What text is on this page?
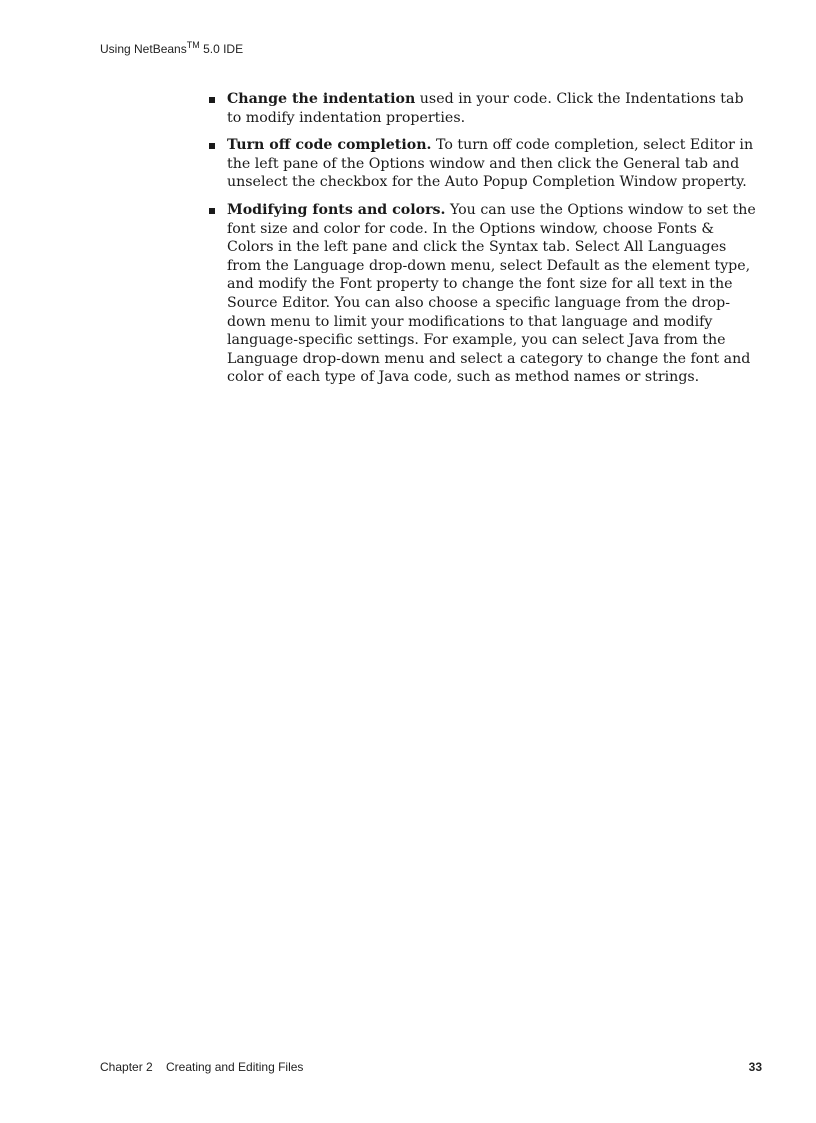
Using NetBeans™ 5.0 IDE
Change the indentation used in your code. Click the Indentations tab to modify indentation properties.
Turn off code completion. To turn off code completion, select Editor in the left pane of the Options window and then click the General tab and unselect the checkbox for the Auto Popup Completion Window property.
Modifying fonts and colors. You can use the Options window to set the font size and color for code. In the Options window, choose Fonts & Colors in the left pane and click the Syntax tab. Select All Languages from the Language drop-down menu, select Default as the element type, and modify the Font property to change the font size for all text in the Source Editor. You can also choose a specific language from the drop-down menu to limit your modifications to that language and modify language-specific settings. For example, you can select Java from the Language drop-down menu and select a category to change the font and color of each type of Java code, such as method names or strings.
Chapter 2 Creating and Editing Files	33
